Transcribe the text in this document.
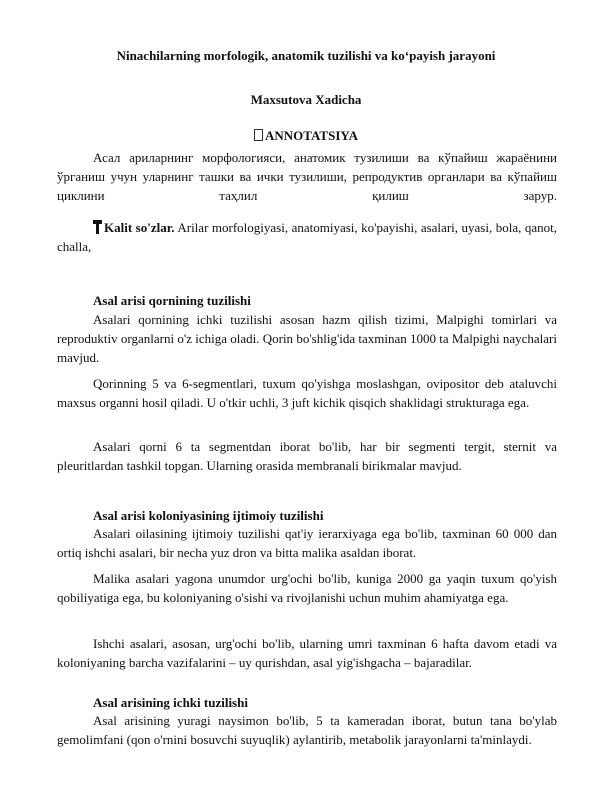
Ninachilarning morfologik, anatomik tuzilishi va ko‘payish jarayoni
Maxsutova Xadicha
ANNOTATSIYA

Асал ариларнинг морфологияси, анатомик тузилиши ва кўпайиш жараёнини ўрганиш учун уларнинг ташки ва ички тузилиши, репродуктив органлари ва кўпайиш циклини таҳлил қилиш зарур.

Kalit so'zlar. Arilar morfologiyasi, anatomiyasi, ko'payishi, asalari, uyasi, bola, qanot, challa,

Asal arisi qornining tuzilishi

Asalari qornining ichki tuzilishi asosan hazm qilish tizimi, Malpighi tomirlari va reproduktiv organlarni o'z ichiga oladi. Qorin bo'shlig'ida taxminan 1000 ta Malpighi naychalari mavjud.

Qorinning 5 va 6-segmentlari, tuxum qo'yishga moslashgan, ovipositor deb ataluvchi maxsus organni hosil qiladi. U o'tkir uchli, 3 juft kichik qisqich shaklidagi strukturaga ega.

Asalari qorni 6 ta segmentdan iborat bo'lib, har bir segmenti tergit, sternit va pleuritlardan tashkil topgan. Ularning orasida membranali birikmalar mavjud.

Asal arisi koloniyasining ijtimoiy tuzilishi

Asalari oilasining ijtimoiy tuzilishi qat'iy ierarxiyaga ega bo'lib, taxminan 60 000 dan ortiq ishchi asalari, bir necha yuz dron va bitta malika asaldan iborat.

Malika asalari yagona unumdor urg'ochi bo'lib, kuniga 2000 ga yaqin tuxum qo'yish qobiliyatiga ega, bu koloniyaning o'sishi va rivojlanishi uchun muhim ahamiyatga ega.

Ishchi asalari, asosan, urg'ochi bo'lib, ularning umri taxminan 6 hafta davom etadi va koloniyaning barcha vazifalarini – uy qurishdan, asal yig'ishgacha – bajaradilar.

Asal arisining ichki tuzilishi

Asal arisining yuragi naysimon bo'lib, 5 ta kameradan iborat, butun tana bo'ylab gemolimfani (qon o'rnini bosuvchi suyuqlik) aylantirib, metabolik jarayonlarni ta'minlaydi.
